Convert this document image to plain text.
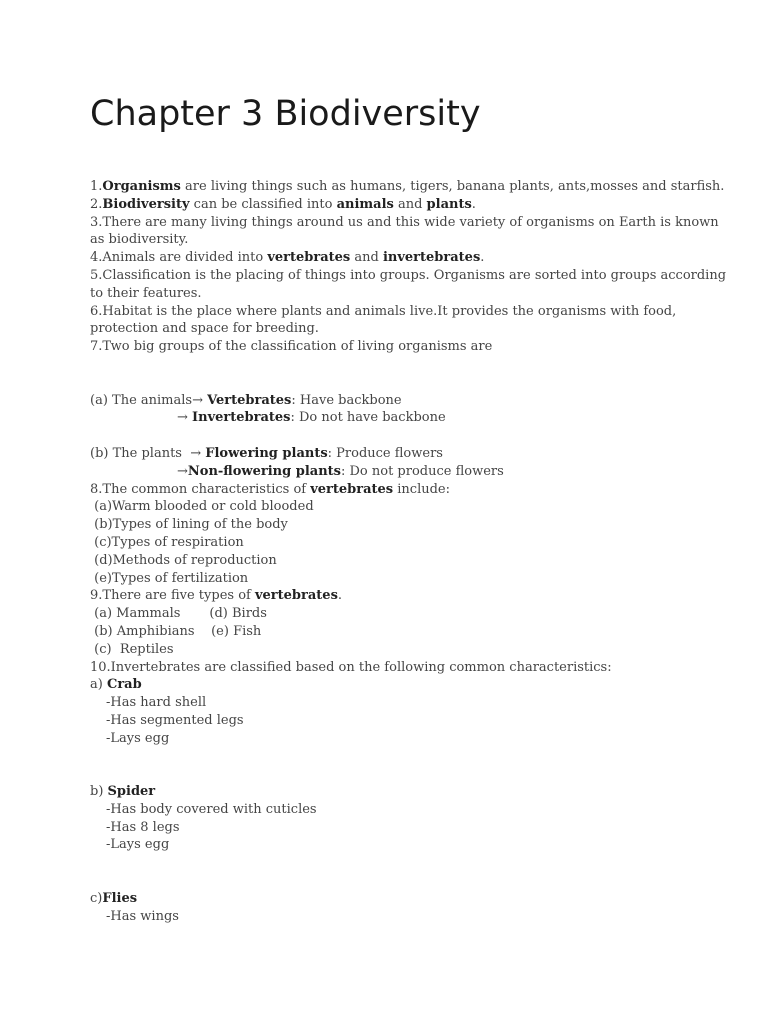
Chapter 3 Biodiversity
1.Organisms are living things such as humans, tigers, banana plants, ants,mosses and starfish.
2.Biodiversity can be classified into animals and plants.
3.There are many living things around us and this wide variety of organisms on Earth is known
as biodiversity.
4.Animals are divided into vertebrates and invertebrates.
5.Classification is the placing of things into groups. Organisms are sorted into groups according
to their features.
6.Habitat is the place where plants and animals live.It provides the organisms with food,
protection and space for breeding.
7.Two big groups of the classification of living organisms are
(a) The animals→ Vertebrates: Have backbone
→ Invertebrates: Do not have backbone
(b) The plants  → Flowering plants: Produce flowers
→Non-flowering plants: Do not produce flowers
8.The common characteristics of vertebrates include:
(a)Warm blooded or cold blooded
(b)Types of lining of the body
(c)Types of respiration
(d)Methods of reproduction
(e)Types of fertilization
9.There are five types of vertebrates.
(a) Mammals       (d) Birds
(b) Amphibians    (e) Fish
(c)  Reptiles
10.Invertebrates are classified based on the following common characteristics:
a) Crab
-Has hard shell
-Has segmented legs
-Lays egg
b) Spider
-Has body covered with cuticles
-Has 8 legs
-Lays egg
c)Flies
-Has wings
